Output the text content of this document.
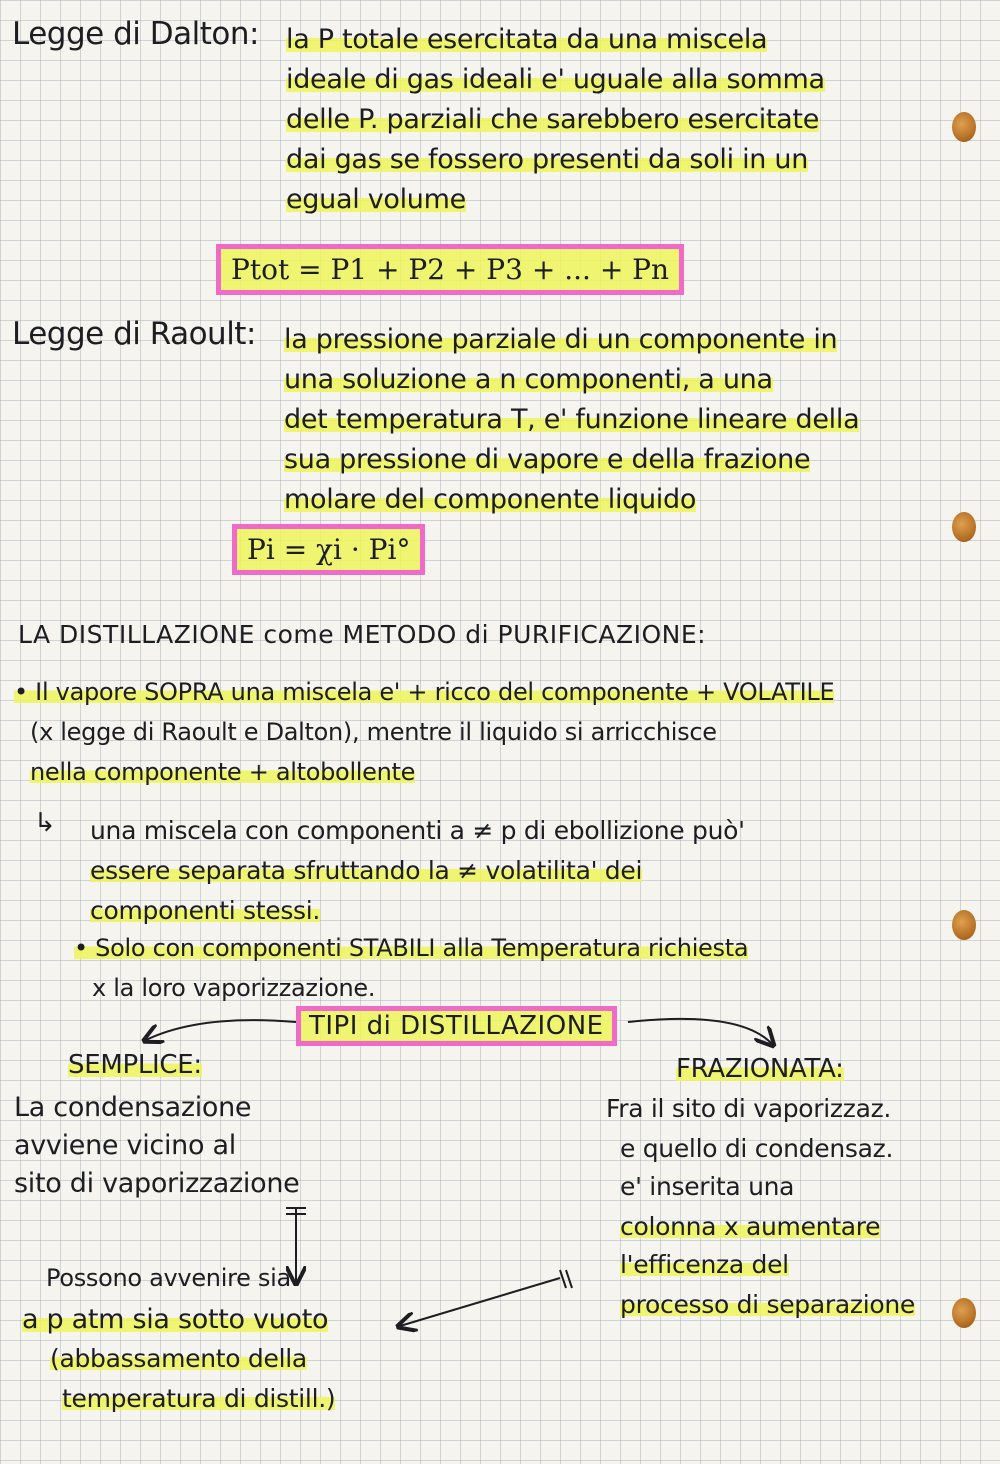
Legge di Dalton: la P totale esercitata da una miscela
ideale di gas ideali e' uguale alla somma
delle P. parziali che sarebbero esercitate
dai gas se fossero presenti da soli in un
egual volume
Ptot = P1 + P2 + P3 + ... + Pn
Legge di Raoult: la pressione parziale di un componente in
una soluzione a n componenti, a una
det temperatura T, e' funzione lineare della
sua pressione di vapore e della frazione
molare del componente liquido
Pi = χi · Pi°
LA DISTILLAZIONE come METODO di PURIFICAZIONE:
• Il vapore SOPRA una miscela e' + ricco del componente + VOLATILE
(x legge di Raoult e Dalton), mentre il liquido si arricchisce
nella componente + altobollente
↳ una miscela con componenti a ≠ p di ebollizione può'
essere separata sfruttando la ≠ volatilita' dei
componenti stessi.
• Solo con componenti STABILI alla Temperatura richiesta
x la loro vaporizzazione.
TIPI di DISTILLAZIONE
SEMPLICE:
La condensazione
avviene vicino al
sito di vaporizzazione
FRAZIONATA:
Fra il sito di vaporizzaz.
e quello di condensaz.
e' inserita una
colonna x aumentare
l'efficenza del
processo di separazione
Possono avvenire sia
a p atm sia sotto vuoto
(abbassamento della
temperatura di distill.)
